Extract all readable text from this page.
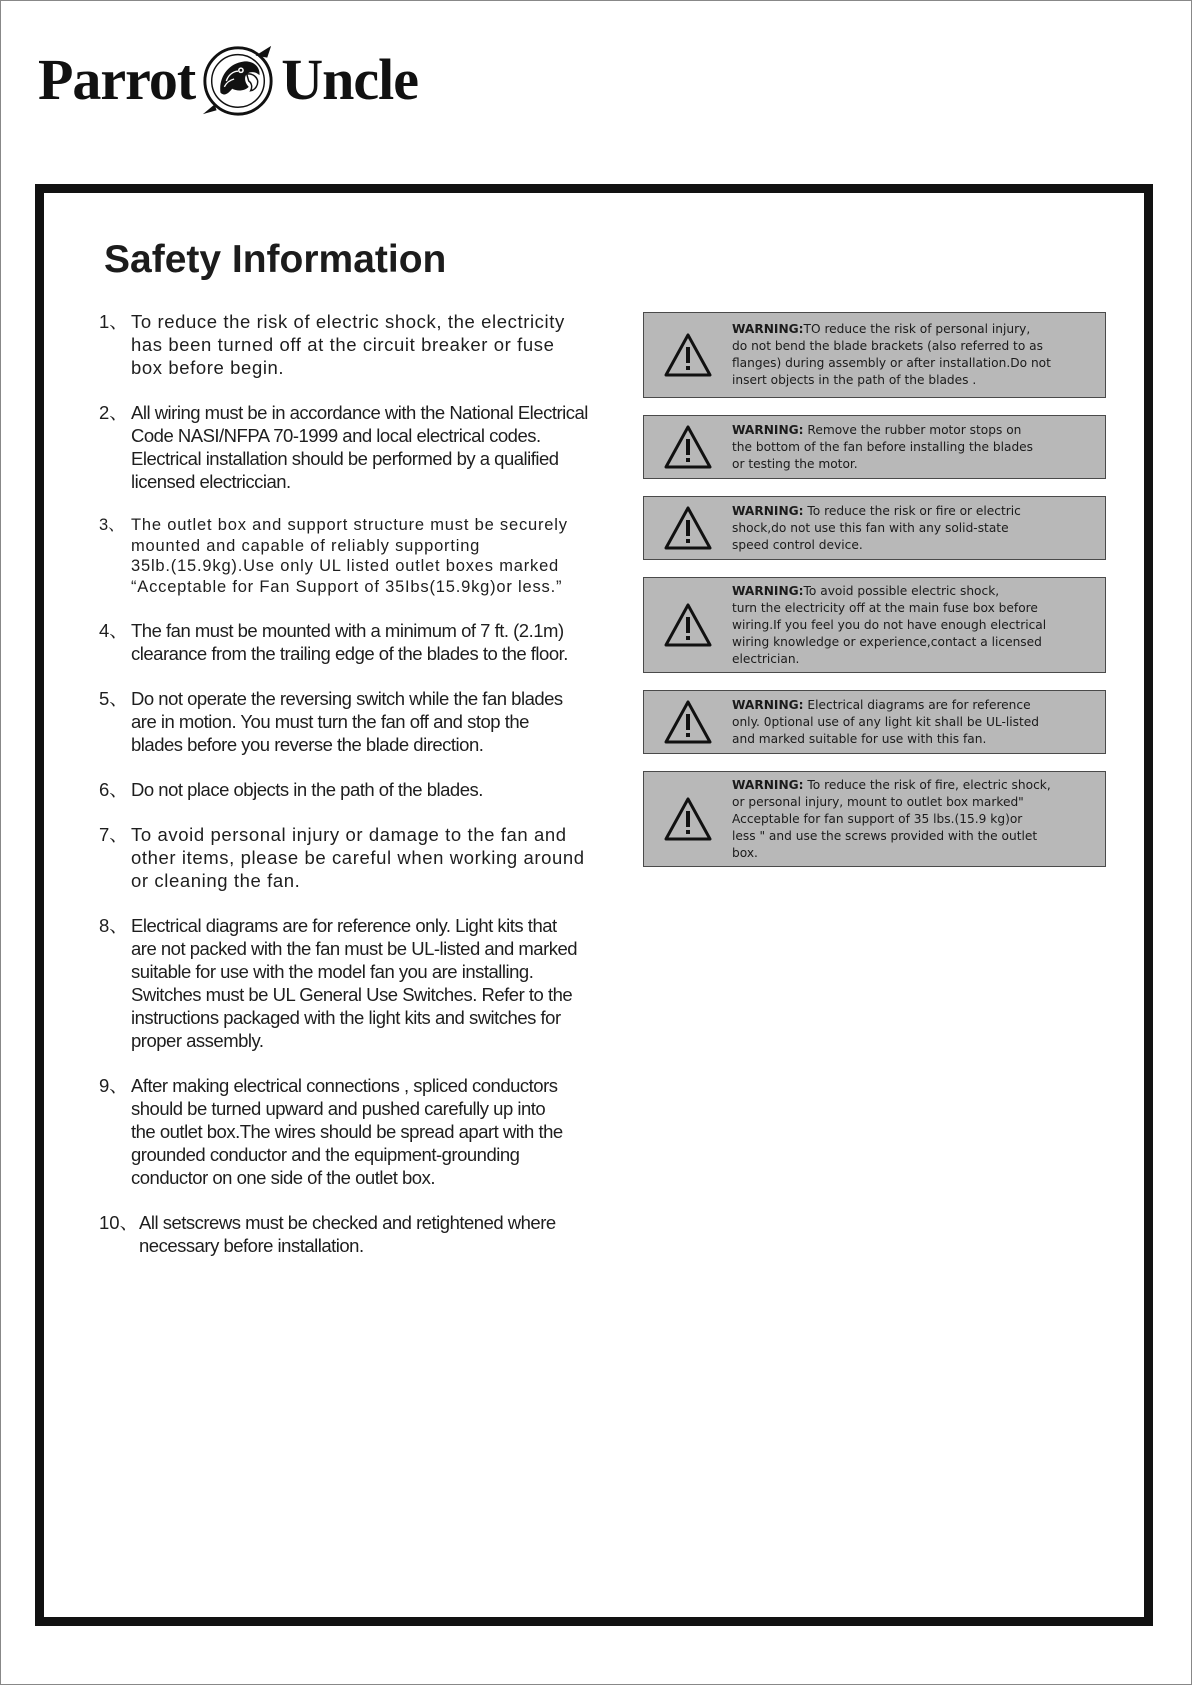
Parrot Uncle
Safety Information
1、 To reduce the risk of electric shock, the electricity
has been turned off at the circuit breaker or fuse
box before begin.
2、 All wiring must be in accordance with the National Electrical
Code NASI/NFPA 70-1999 and local electrical codes.
Electrical installation should be performed by a qualified
licensed electriccian.
3、 The outlet box and support structure must be securely
mounted and capable of reliably supporting
35lb.(15.9kg).Use only UL listed outlet boxes marked
“Acceptable for Fan Support of 35Ibs(15.9kg)or less.”
4、 The fan must be mounted with a minimum of 7 ft. (2.1m)
clearance from the trailing edge of the blades to the floor.
5、 Do not operate the reversing switch while the fan blades
are in motion. You must turn the fan off and stop the
blades before you reverse the blade direction.
6、 Do not place objects in the path of the blades.
7、 To avoid personal injury or damage to the fan and
other items, please be careful when working around
or cleaning the fan.
8、 Electrical diagrams are for reference only. Light kits that
are not packed with the fan must be UL-listed and marked
suitable for use with the model fan you are installing.
Switches must be UL General Use Switches. Refer to the
instructions packaged with the light kits and switches for
proper assembly.
9、 After making electrical connections , spliced conductors
should be turned upward and pushed carefully up into
the outlet box.The wires should be spread apart with the
grounded conductor and the equipment-grounding
conductor on one side of the outlet box.
10、 All setscrews must be checked and retightened where
necessary before installation.
WARNING:TO reduce the risk of personal injury,
do not bend the blade brackets (also referred to as
flanges) during assembly or after installation.Do not
insert objects in the path of the blades .
WARNING: Remove the rubber motor stops on
the bottom of the fan before installing the blades
or testing the motor.
WARNING: To reduce the risk or fire or electric
shock,do not use this fan with any solid-state
speed control device.
WARNING:To avoid possible electric shock,
turn the electricity off at the main fuse box before
wiring.If you feel you do not have enough electrical
wiring knowledge or experience,contact a licensed
electrician.
WARNING: Electrical diagrams are for reference
only. 0ptional use of any light kit shall be UL-listed
and marked suitable for use with this fan.
WARNING: To reduce the risk of fire, electric shock,
or personal injury, mount to outlet box marked"
Acceptable for fan support of 35 lbs.(15.9 kg)or
less " and use the screws provided with the outlet
box.
